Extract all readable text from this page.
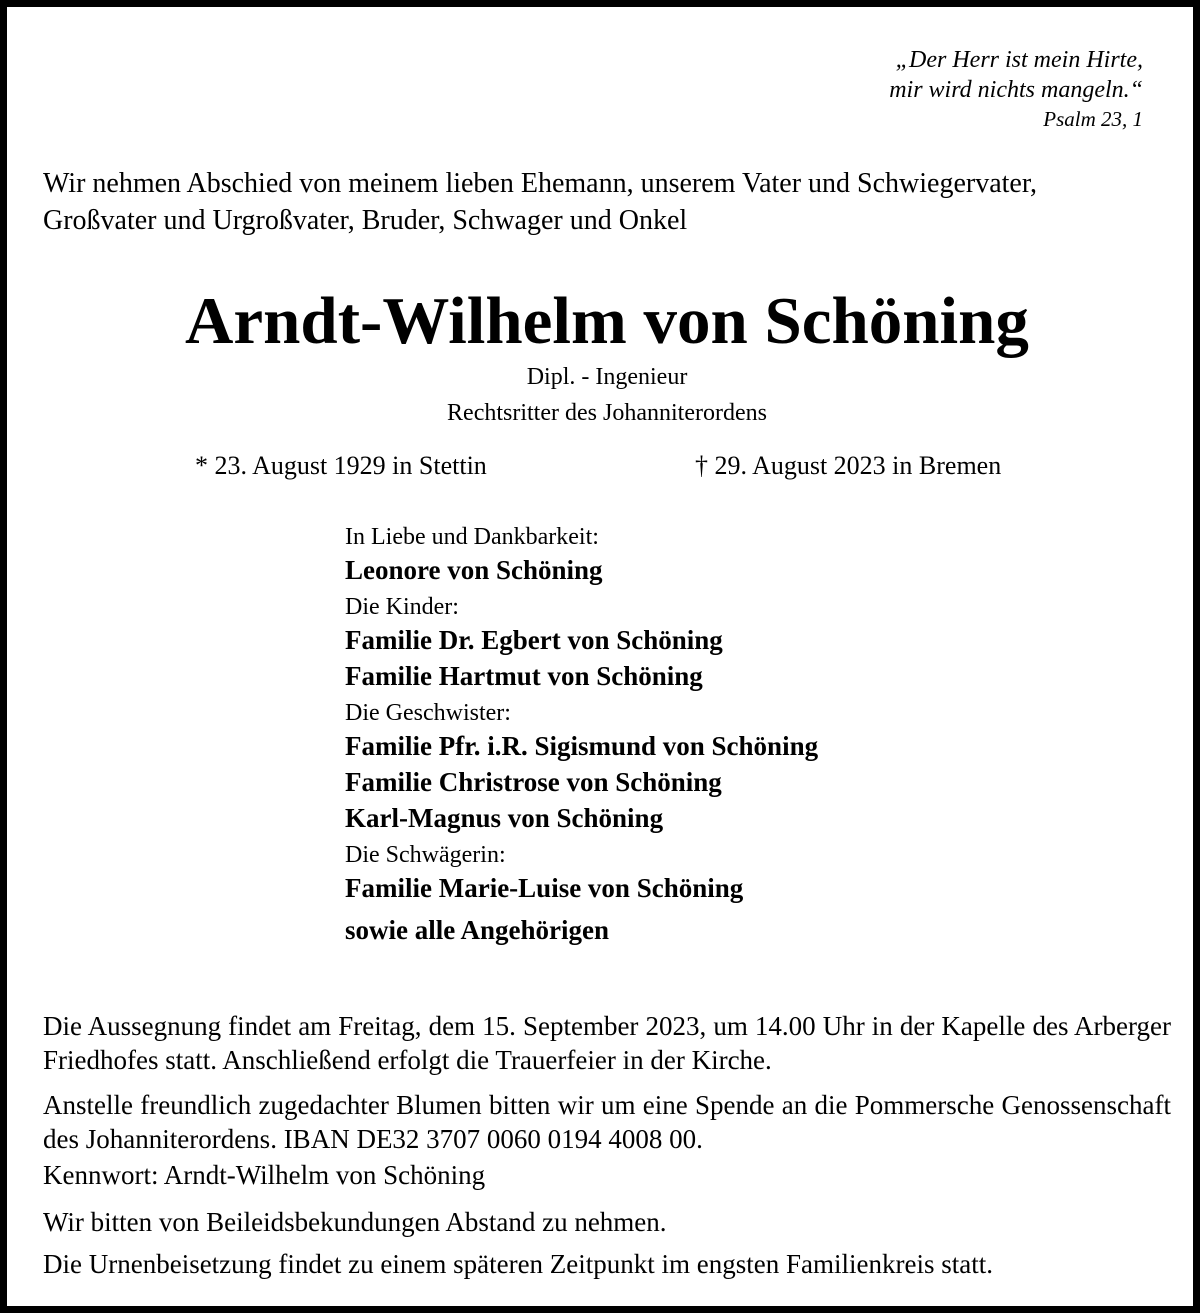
„Der Herr ist mein Hirte,
mir wird nichts mangeln.“
Psalm 23, 1
Wir nehmen Abschied von meinem lieben Ehemann, unserem Vater und Schwiegervater,
Großvater und Urgroßvater, Bruder, Schwager und Onkel
Arndt-Wilhelm von Schöning
Dipl. - Ingenieur
Rechtsritter des Johanniterordens
* 23. August 1929 in Stettin	† 29. August 2023 in Bremen
In Liebe und Dankbarkeit:
Leonore von Schöning
Die Kinder:
Familie Dr. Egbert von Schöning
Familie Hartmut von Schöning
Die Geschwister:
Familie Pfr. i.R. Sigismund von Schöning
Familie Christrose von Schöning
Karl-Magnus von Schöning
Die Schwägerin:
Familie Marie-Luise von Schöning
sowie alle Angehörigen
Die Aussegnung findet am Freitag, dem 15. September 2023, um 14.00 Uhr in der Kapelle des Arberger Friedhofes statt. Anschließend erfolgt die Trauerfeier in der Kirche.
Anstelle freundlich zugedachter Blumen bitten wir um eine Spende an die Pommersche Genossenschaft des Johanniterordens. IBAN DE32 3707 0060 0194 4008 00.
Kennwort: Arndt-Wilhelm von Schöning
Wir bitten von Beileidsbekundungen Abstand zu nehmen.
Die Urnenbeisetzung findet zu einem späteren Zeitpunkt im engsten Familienkreis statt.
